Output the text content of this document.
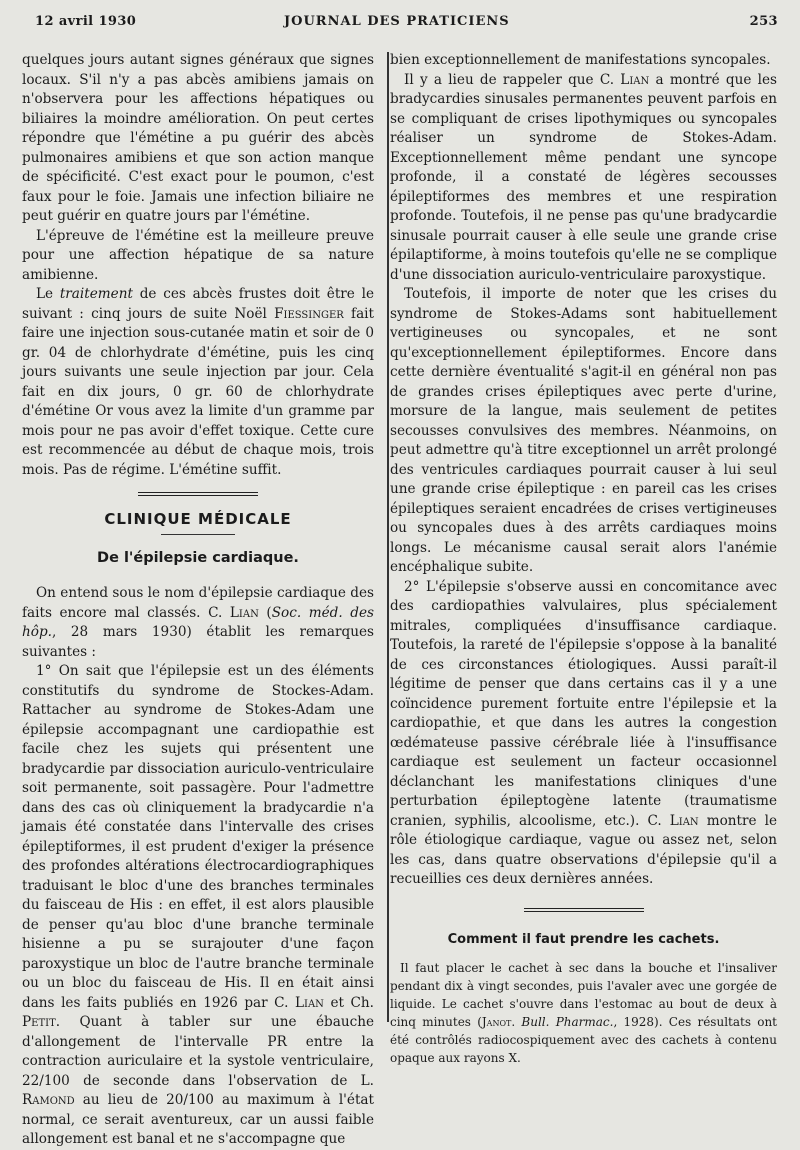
12 avril 1930	JOURNAL DES PRATICIENS	253

quelques jours autant signes généraux que signes locaux. S'il n'y a pas abcès amibiens jamais on n'observera pour les affections hépatiques ou biliaires la moindre amélioration. On peut certes répondre que l'émétine a pu guérir des abcès pulmonaires amibiens et que son action manque de spécificité. C'est exact pour le poumon, c'est faux pour le foie. Jamais une infection biliaire ne peut guérir en quatre jours par l'émétine.

L'épreuve de l'émétine est la meilleure preuve pour une affection hépatique de sa nature amibienne.

Le traitement de ces abcès frustes doit être le suivant : cinq jours de suite Noël Fiessinger fait faire une injection sous-cutanée matin et soir de 0 gr. 04 de chlorhydrate d'émétine, puis les cinq jours suivants une seule injection par jour. Cela fait en dix jours, 0 gr. 60 de chlorhydrate d'émétine Or vous avez la limite d'un gramme par mois pour ne pas avoir d'effet toxique. Cette cure est recommencée au début de chaque mois, trois mois. Pas de régime. L'émétine suffit.

CLINIQUE MÉDICALE
De l'épilepsie cardiaque.

On entend sous le nom d'épilepsie cardiaque des faits encore mal classés. C. Lian (Soc. méd. des hôp., 28 mars 1930) établit les remarques suivantes :

1° On sait que l'épilepsie est un des éléments constitutifs du syndrome de Stockes-Adam. Rattacher au syndrome de Stokes-Adam une épilepsie accompagnant une cardiopathie est facile chez les sujets qui présentent une bradycardie par dissociation auriculo-ventriculaire soit permanente, soit passagère. Pour l'admettre dans des cas où cliniquement la bradycardie n'a jamais été constatée dans l'intervalle des crises épileptiformes, il est prudent d'exiger la présence des profondes altérations électrocardiographiques traduisant le bloc d'une des branches terminales du faisceau de His : en effet, il est alors plausible de penser qu'au bloc d'une branche terminale hisienne a pu se surajouter d'une façon paroxystique un bloc de l'autre branche terminale ou un bloc du faisceau de His. Il en était ainsi dans les faits publiés en 1926 par C. Lian et Ch. Petit. Quant à tabler sur une ébauche d'allongement de l'intervalle PR entre la contraction auriculaire et la systole ventriculaire, 22/100 de seconde dans l'observation de L. Ramond au lieu de 20/100 au maximum à l'état normal, ce serait aventureux, car un aussi faible allongement est banal et ne s'accompagne que

bien exceptionnellement de manifestations syncopales.

Il y a lieu de rappeler que C. Lian a montré que les bradycardies sinusales permanentes peuvent parfois en se compliquant de crises lipothymiques ou syncopales réaliser un syndrome de Stokes-Adam. Exceptionnellement même pendant une syncope profonde, il a constaté de légères secousses épileptiformes des membres et une respiration profonde. Toutefois, il ne pense pas qu'une bradycardie sinusale pourrait causer à elle seule une grande crise épilaptiforme, à moins toutefois qu'elle ne se complique d'une dissociation auriculo-ventriculaire paroxystique.

Toutefois, il importe de noter que les crises du syndrome de Stokes-Adams sont habituellement vertigineuses ou syncopales, et ne sont qu'exceptionnellement épileptiformes. Encore dans cette dernière éventualité s'agit-il en général non pas de grandes crises épileptiques avec perte d'urine, morsure de la langue, mais seulement de petites secousses convulsives des membres. Néanmoins, on peut admettre qu'à titre exceptionnel un arrêt prolongé des ventricules cardiaques pourrait causer à lui seul une grande crise épileptique : en pareil cas les crises épileptiques seraient encadrées de crises vertigineuses ou syncopales dues à des arrêts cardiaques moins longs. Le mécanisme causal serait alors l'anémie encéphalique subite.

2° L'épilepsie s'observe aussi en concomitance avec des cardiopathies valvulaires, plus spécialement mitrales, compliquées d'insuffisance cardiaque. Toutefois, la rareté de l'épilepsie s'oppose à la banalité de ces circonstances étiologiques. Aussi paraît-il légitime de penser que dans certains cas il y a une coïncidence purement fortuite entre l'épilepsie et la cardiopathie, et que dans les autres la congestion œdémateuse passive cérébrale liée à l'insuffisance cardiaque est seulement un facteur occasionnel déclanchant les manifestations cliniques d'une perturbation épileptogène latente (traumatisme cranien, syphilis, alcoolisme, etc.). C. Lian montre le rôle étiologique cardiaque, vague ou assez net, selon les cas, dans quatre observations d'épilepsie qu'il a recueillies ces deux dernières années.

Comment il faut prendre les cachets.

Il faut placer le cachet à sec dans la bouche et l'insaliver pendant dix à vingt secondes, puis l'avaler avec une gorgée de liquide. Le cachet s'ouvre dans l'estomac au bout de deux à cinq minutes (Janot. Bull. Pharmac., 1928). Ces résultats ont été contrôlés radiocospiquement avec des cachets à contenu opaque aux rayons X.
